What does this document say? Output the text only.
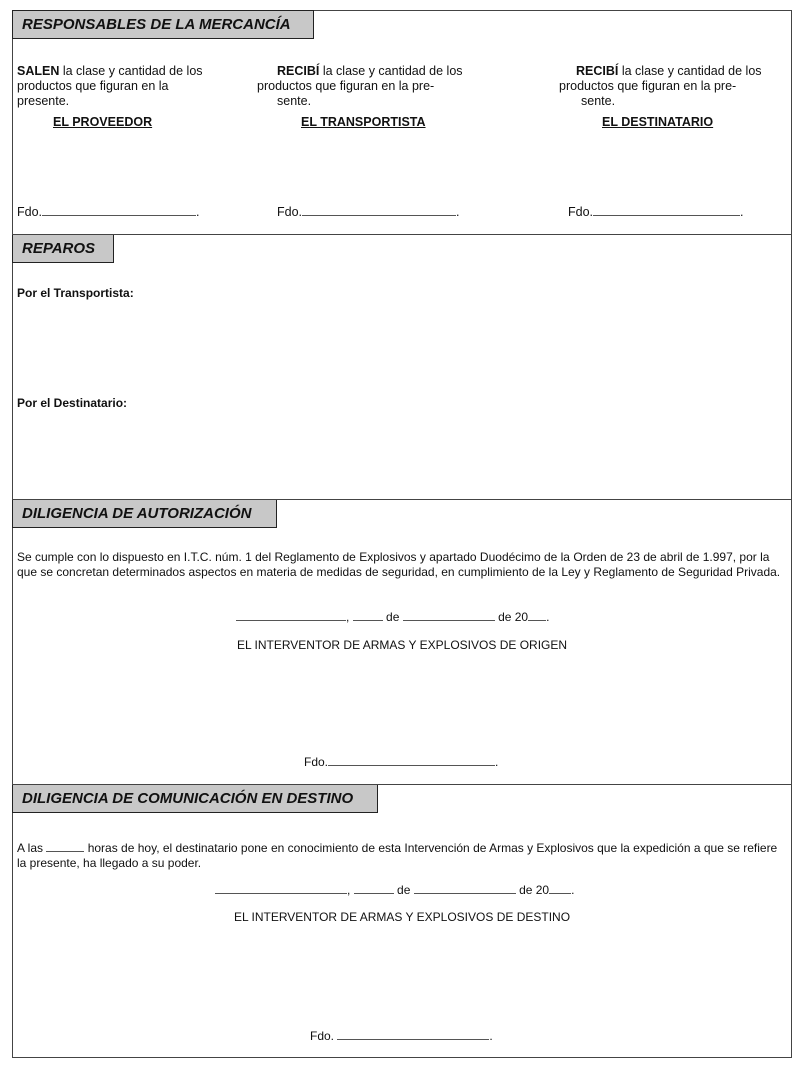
RESPONSABLES DE LA MERCANCÍA
SALEN la clase y cantidad de los
productos que figuran en la
presente.
EL PROVEEDOR
Fdo.	.
RECIBÍ la clase y cantidad de los
productos que figuran en la pre-
sente.
EL TRANSPORTISTA
Fdo.	.
RECIBÍ la clase y cantidad de los
productos que figuran en la pre-
sente.
EL DESTINATARIO
Fdo.	.
REPAROS
Por el Transportista:
Por el Destinatario:
DILIGENCIA DE AUTORIZACIÓN
Se cumple con lo dispuesto en I.T.C. núm. 1 del Reglamento de Explosivos y apartado Duodécimo de la Orden de 23 de abril de 1.997, por la que se concretan determinados aspectos en materia de medidas de seguridad, en cumplimiento de la Ley y Reglamento de Seguridad Privada.
,	de	de 20 .
EL INTERVENTOR DE ARMAS Y EXPLOSIVOS DE ORIGEN
Fdo.	.
DILIGENCIA DE COMUNICACIÓN EN DESTINO
A las	horas de hoy, el destinatario pone en conocimiento de esta Intervención de Armas y Explosivos que la expedición a que se refiere la presente, ha llegado a su poder.
,	de	de 20 .
EL INTERVENTOR DE ARMAS Y EXPLOSIVOS DE DESTINO
Fdo.	.
